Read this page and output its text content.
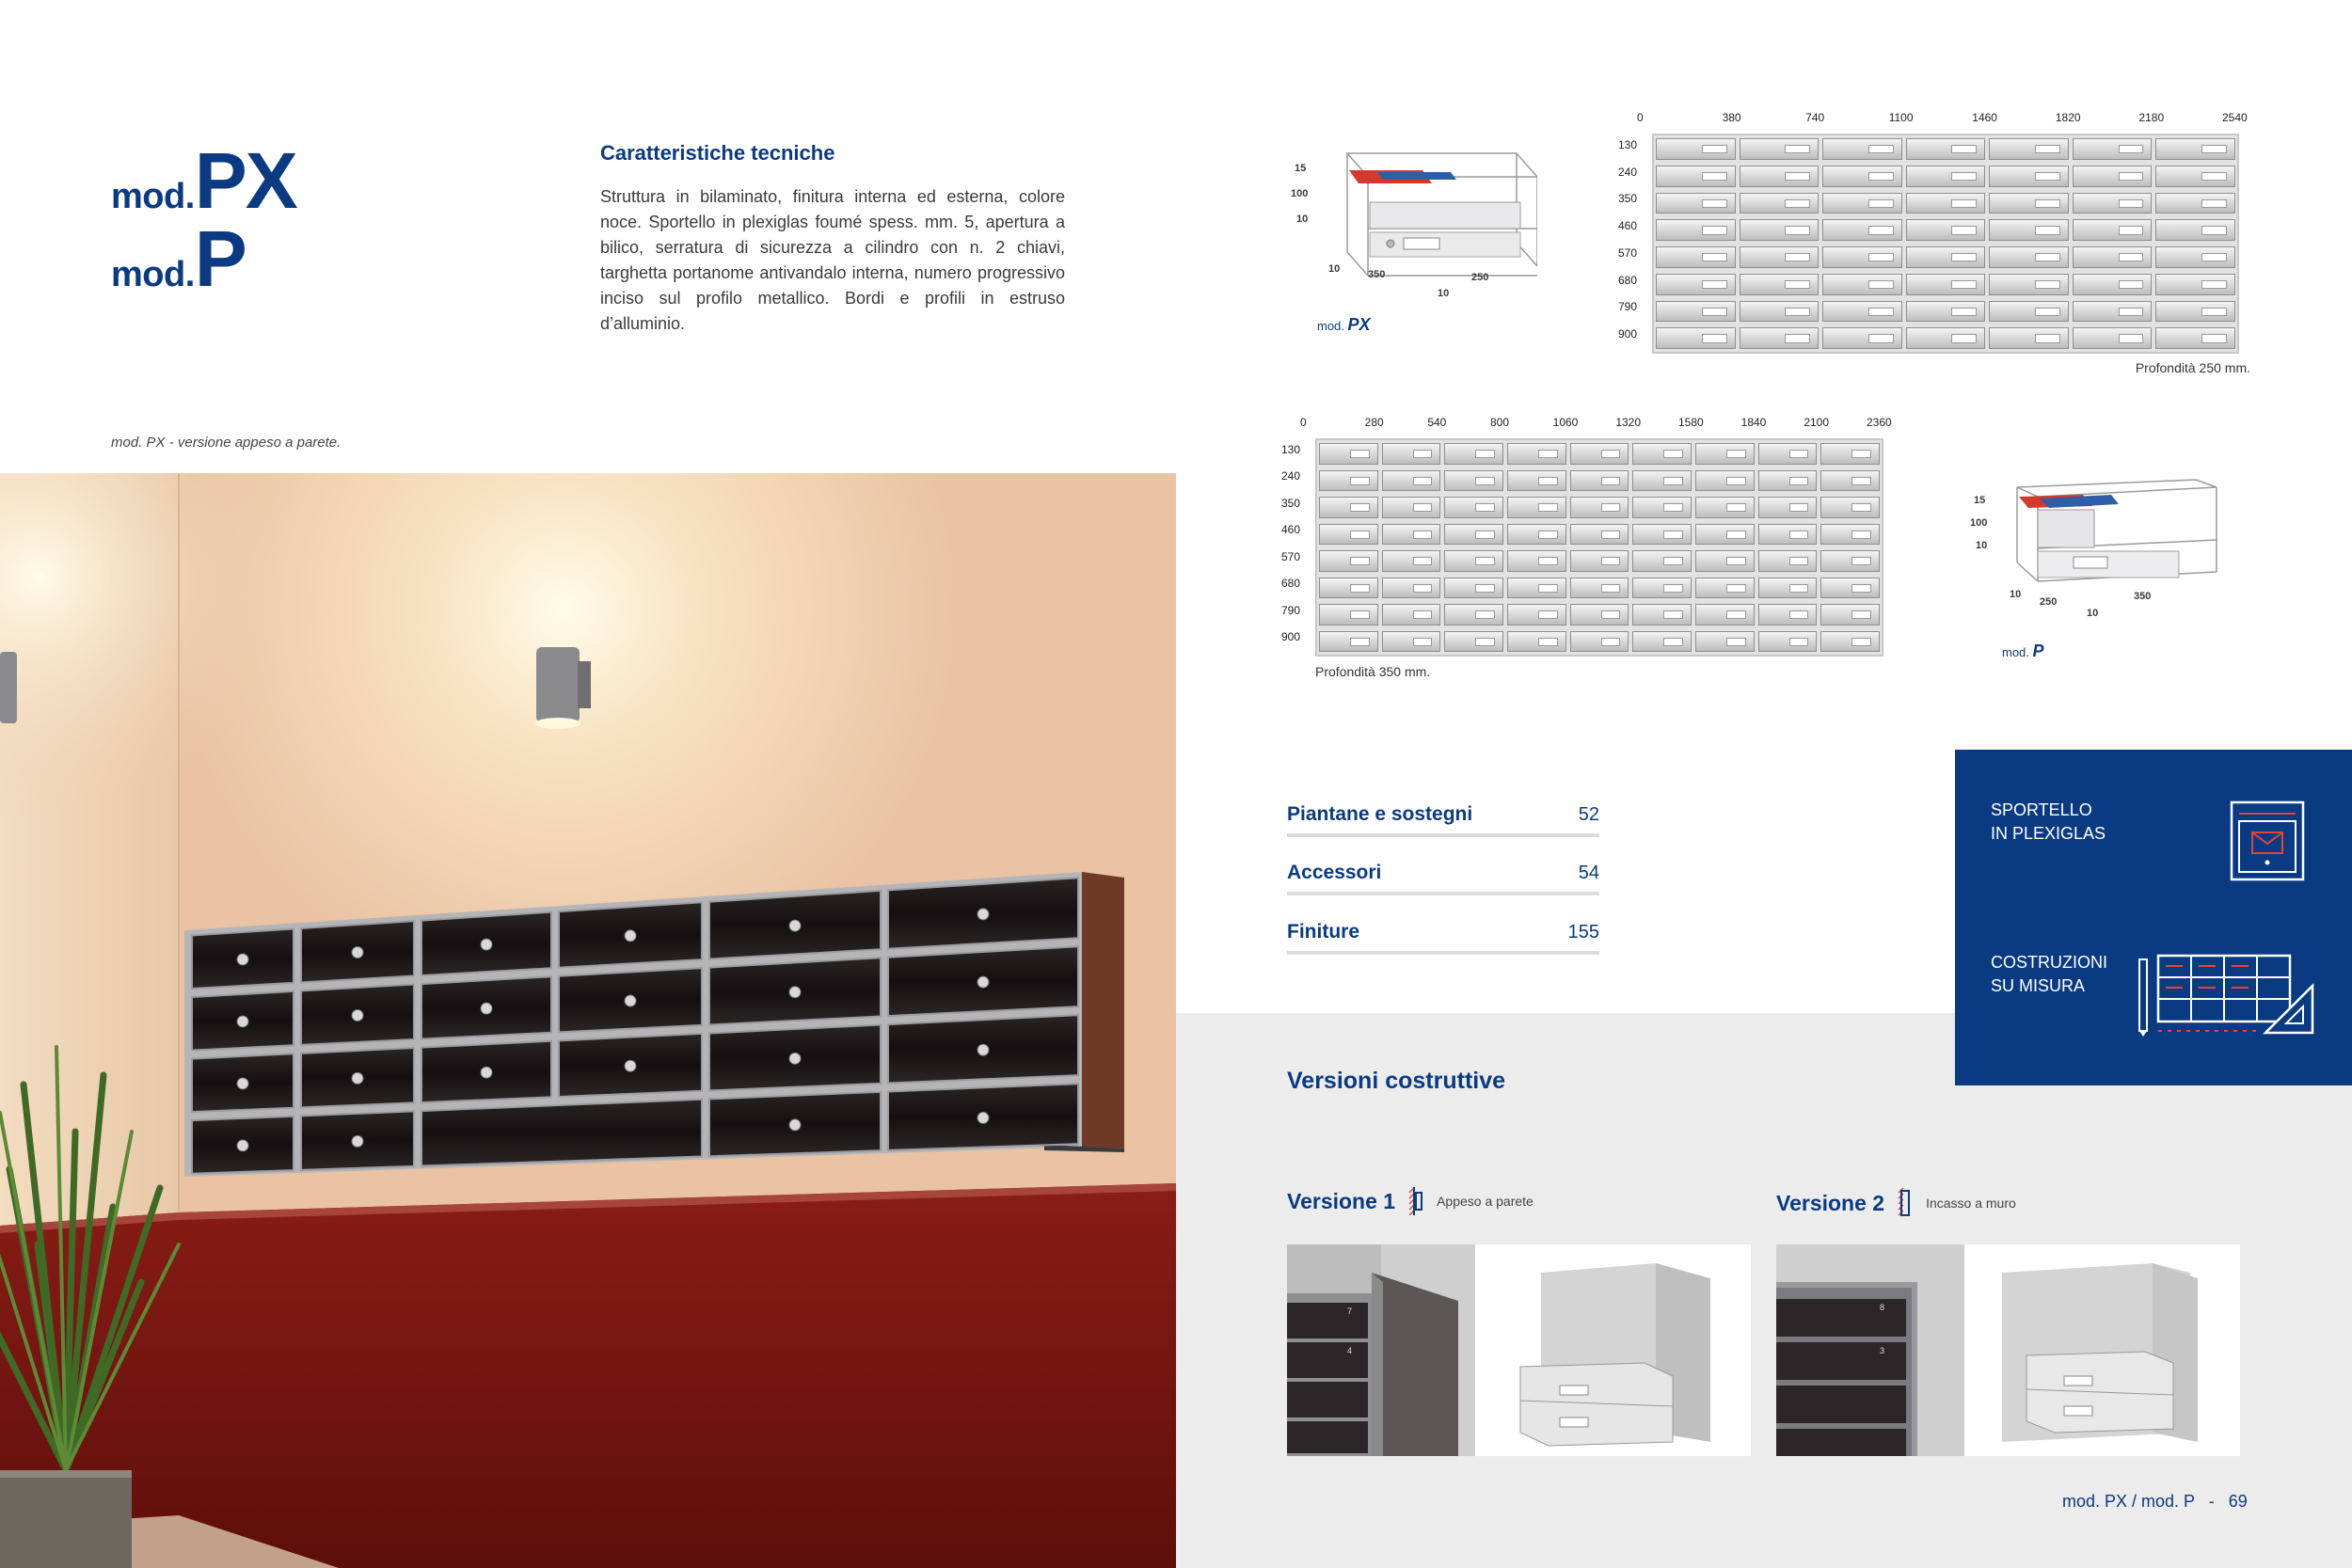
mod. PX
mod. P
Caratteristiche tecniche
Struttura in bilaminato, finitura interna ed esterna, colore noce. Sportello in plexiglas foumé spess. mm. 5, apertura a bilico, serratura di sicurezza a cilindro con n. 2 chiavi, targhetta portanome antivandalo interna, numero progressivo inciso sul profilo metallico. Bordi e profili in estruso d’alluminio.
mod. PX - versione appeso a parete.
15
100
10
10	350
10
250
mod. PX
0	380	740	1100	1460	1820	2180	2540
130
240
350
460
570
680
790
900
Profondità 250 mm.
0	280	540	800	1060	1320	1580	1840	2100	2360
130
240
350
460
570
680
790
900
Profondità 350 mm.
15
100
10
10
250
10
350
mod. P
Piantane e sostegni	52
Accessori	54
Finiture	155
SPORTELLO
IN PLEXIGLAS
COSTRUZIONI
SU MISURA
Versioni costruttive
Versione 1	Appeso a parete	Versione 2	Incasso a muro
7
4
8
3
mod. PX / mod. P - 69
